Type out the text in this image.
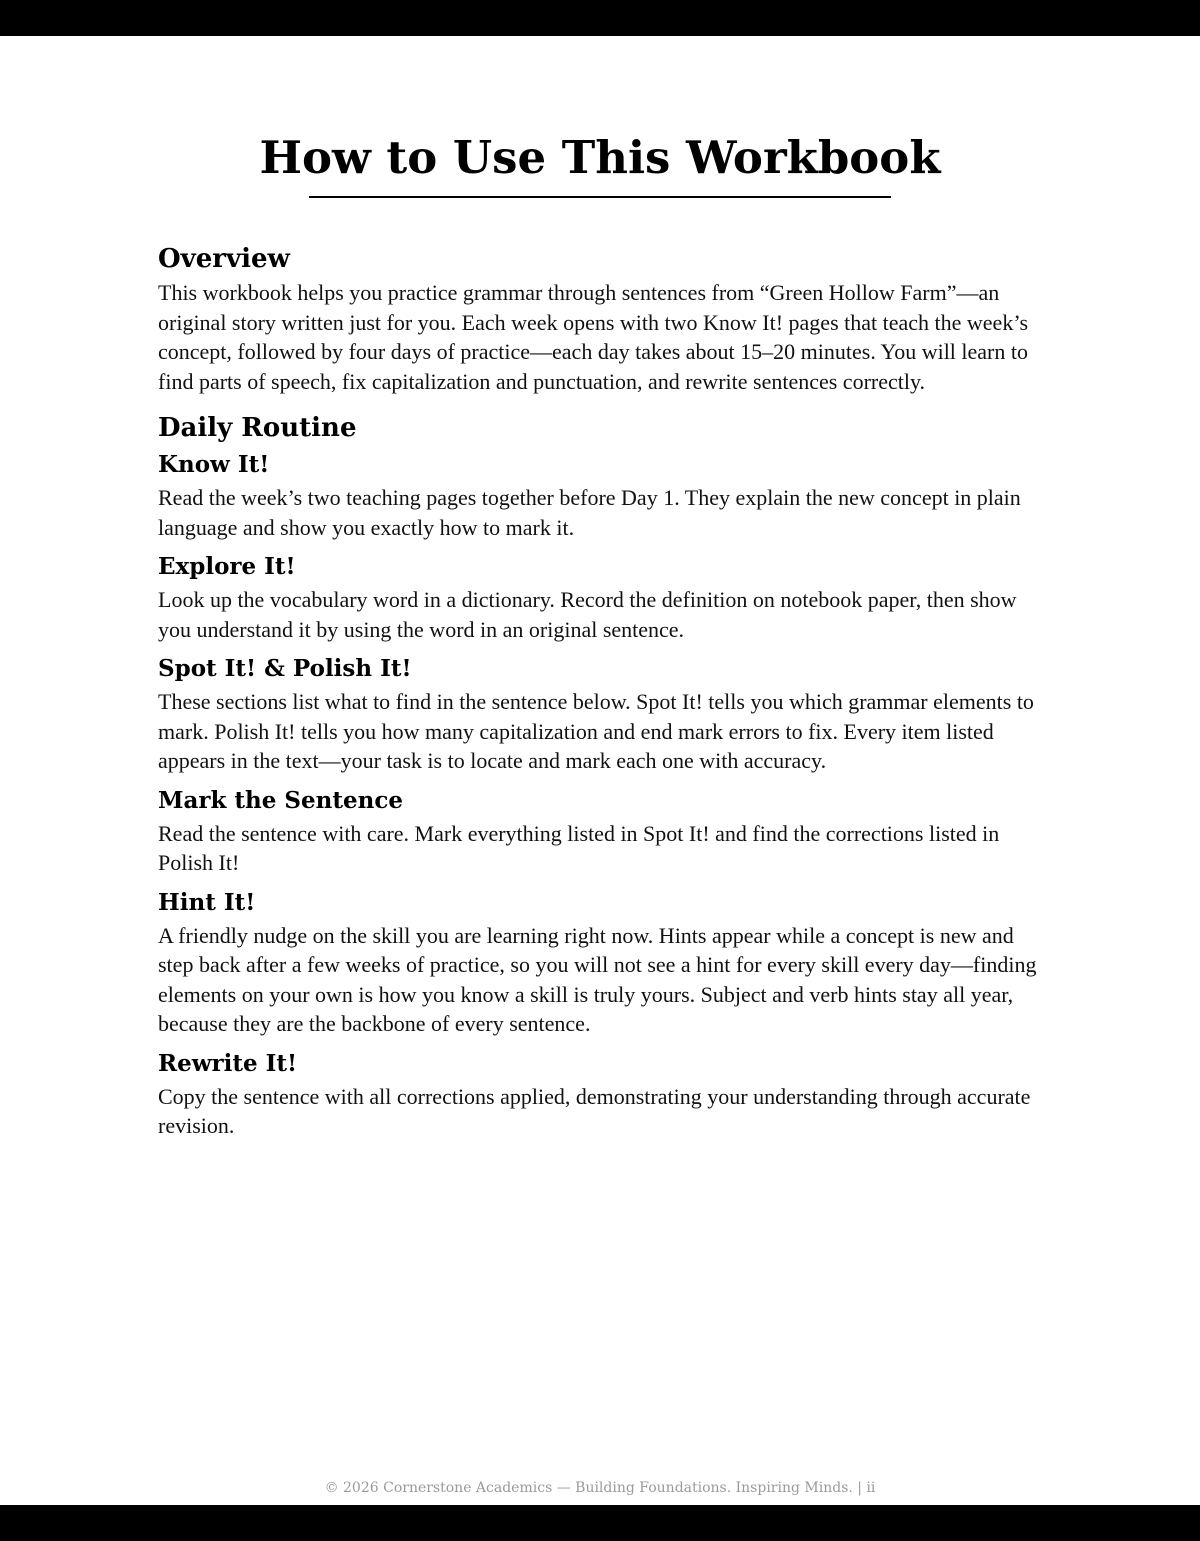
How to Use This Workbook
Overview

This workbook helps you practice grammar through sentences from “Green Hollow Farm”—an original story written just for you. Each week opens with two Know It! pages that teach the week’s concept, followed by four days of practice—each day takes about 15–20 minutes. You will learn to find parts of speech, fix capitalization and punctuation, and rewrite sentences correctly.

Daily Routine
Know It!

Read the week’s two teaching pages together before Day 1. They explain the new concept in plain language and show you exactly how to mark it.

Explore It!

Look up the vocabulary word in a dictionary. Record the definition on notebook paper, then show you understand it by using the word in an original sentence.

Spot It! & Polish It!

These sections list what to find in the sentence below. Spot It! tells you which grammar elements to mark. Polish It! tells you how many capitalization and end mark errors to fix. Every item listed appears in the text—your task is to locate and mark each one with accuracy.

Mark the Sentence

Read the sentence with care. Mark everything listed in Spot It! and find the corrections listed in Polish It!

Hint It!

A friendly nudge on the skill you are learning right now. Hints appear while a concept is new and step back after a few weeks of practice, so you will not see a hint for every skill every day—finding elements on your own is how you know a skill is truly yours. Subject and verb hints stay all year, because they are the backbone of every sentence.

Rewrite It!

Copy the sentence with all corrections applied, demonstrating your understanding through accurate revision.

© 2026 Cornerstone Academics — Building Foundations. Inspiring Minds. | ii
